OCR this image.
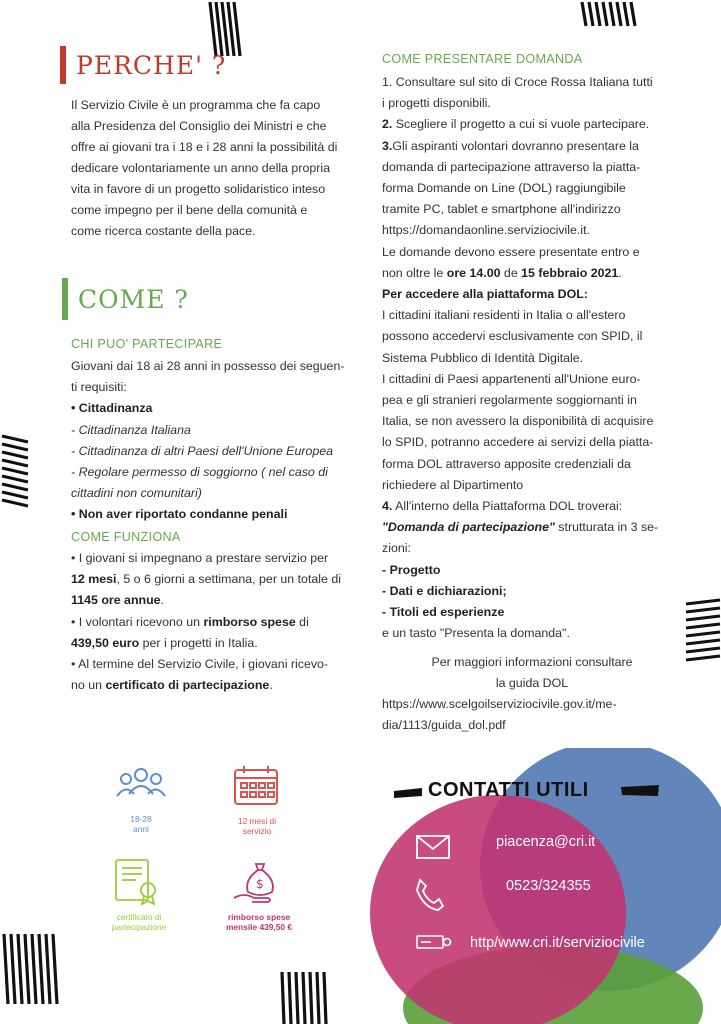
PERCHE' ?
Il Servizio Civile è un programma che fa capo
alla Presidenza del Consiglio dei Ministri e che
offre ai giovani tra i 18 e i 28 anni la possibilità di
dedicare volontariamente un anno della propria
vita in favore di un progetto solidaristico inteso
come impegno per il bene della comunità e
come ricerca costante della pace.
COME ?
CHI PUO' PARTECIPARE
Giovani dai 18 ai 28 anni in possesso dei seguen-
ti requisiti:
• Cittadinanza
- Cittadinanza Italiana
- Cittadinanza di altri Paesi dell'Unione Europea
- Regolare permesso di soggiorno ( nel caso di
cittadini non comunitari)
• Non aver riportato condanne penali
COME FUNZIONA
• I giovani si impegnano a prestare servizio per
12 mesi, 5 o 6 giorni a settimana, per un totale di
1145 ore annue.
• I volontari ricevono un rimborso spese di
439,50 euro per i progetti in Italia.
• Al termine del Servizio Civile, i giovani ricevo-
no un certificato di partecipazione.
COME PRESENTARE DOMANDA
1. Consultare sul sito di Croce Rossa Italiana tutti
i progetti disponibili.
2. Scegliere il progetto a cui si vuole partecipare.
3.Gli aspiranti volontari dovranno presentare la
domanda di partecipazione attraverso la piatta-
forma Domande on Line (DOL) raggiungibile
tramite PC, tablet e smartphone all'indirizzo
https://domandaonline.serviziocivile.it.
Le domande devono essere presentate entro e
non oltre le ore 14.00 de 15 febbraio 2021.
Per accedere alla piattaforma DOL:
I cittadini italiani residenti in Italia o all'estero
possono accedervi esclusivamente con SPID, il
Sistema Pubblico di Identità Digitale.
I cittadini di Paesi appartenenti all'Unione euro-
pea e gli stranieri regolarmente soggiornanti in
Italia, se non avessero la disponibilità di acquisire
lo SPID, potranno accedere ai servizi della piatta-
forma DOL attraverso apposite credenziali da
richiedere al Dipartimento
4. All'interno della Piattaforma DOL troverai:
"Domanda di partecipazione" strutturata in 3 se-
zioni:
- Progetto
- Dati e dichiarazioni;
- Titoli ed esperienze
e un tasto "Presenta la domanda".
Per maggiori informazioni consultare
la guida DOL
https://www.scelgoilserviziocivile.gov.it/me-
dia/1113/guida_dol.pdf
18-28
anni
12 mesi di
servizio
certificato di
partecipazione
$
rimborso spese
mensile 439,50 €
CONTATTI UTILI
piacenza@cri.it
0523/324355
http/www.cri.it/serviziocivile
